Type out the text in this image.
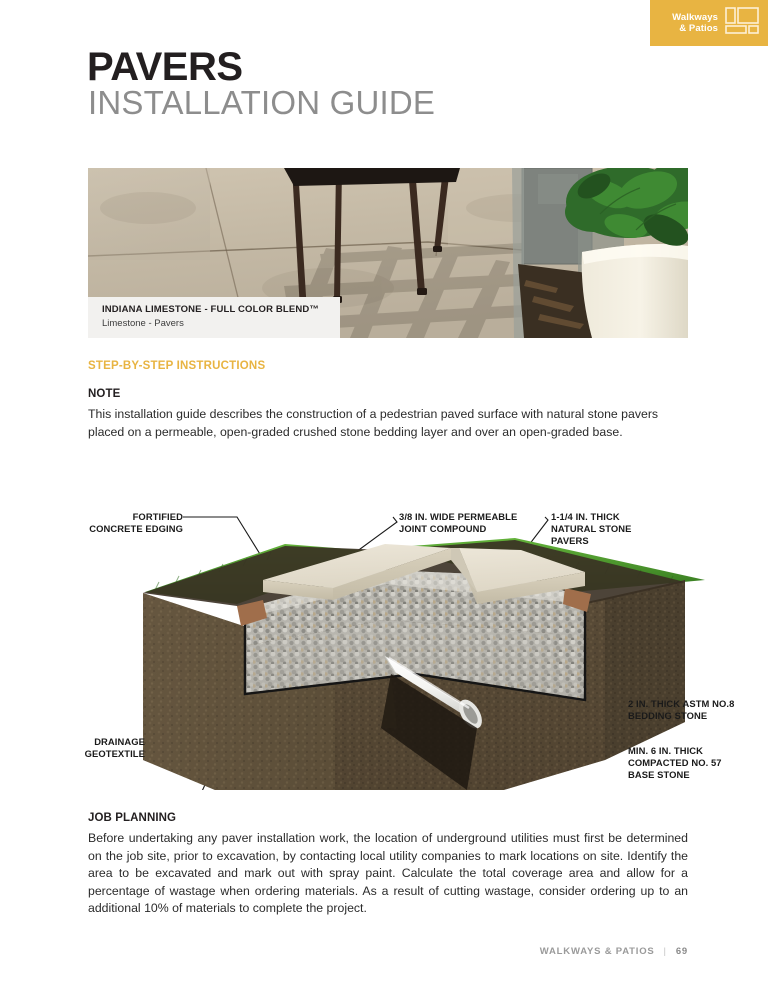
Walkways
& Patios
PAVERS
INSTALLATION GUIDE
INDIANA LIMESTONE - FULL COLOR BLEND™
Limestone - Pavers
STEP-BY-STEP INSTRUCTIONS
NOTE
This installation guide describes the construction of a pedestrian paved surface with natural stone pavers placed on a permeable, open-graded crushed stone bedding layer and over an open-graded base.
FORTIFIED
CONCRETE EDGING
3/8 IN. WIDE PERMEABLE
JOINT COMPOUND
1-1/4 IN. THICK
NATURAL STONE
PAVERS
2 IN. THICK ASTM NO.8
BEDDING STONE
MIN. 6 IN. THICK
COMPACTED NO. 57
BASE STONE
DRAINAGE
GEOTEXTILE
JOB PLANNING
Before undertaking any paver installation work, the location of underground utilities must first be determined on the job site, prior to excavation, by contacting local utility companies to mark locations on site. Identify the area to be excavated and mark out with spray paint. Calculate the total coverage area and allow for a percentage of wastage when ordering materials. As a result of cutting wastage, consider ordering up to an additional 10% of materials to complete the project.
WALKWAYS & PATIOS | 69
